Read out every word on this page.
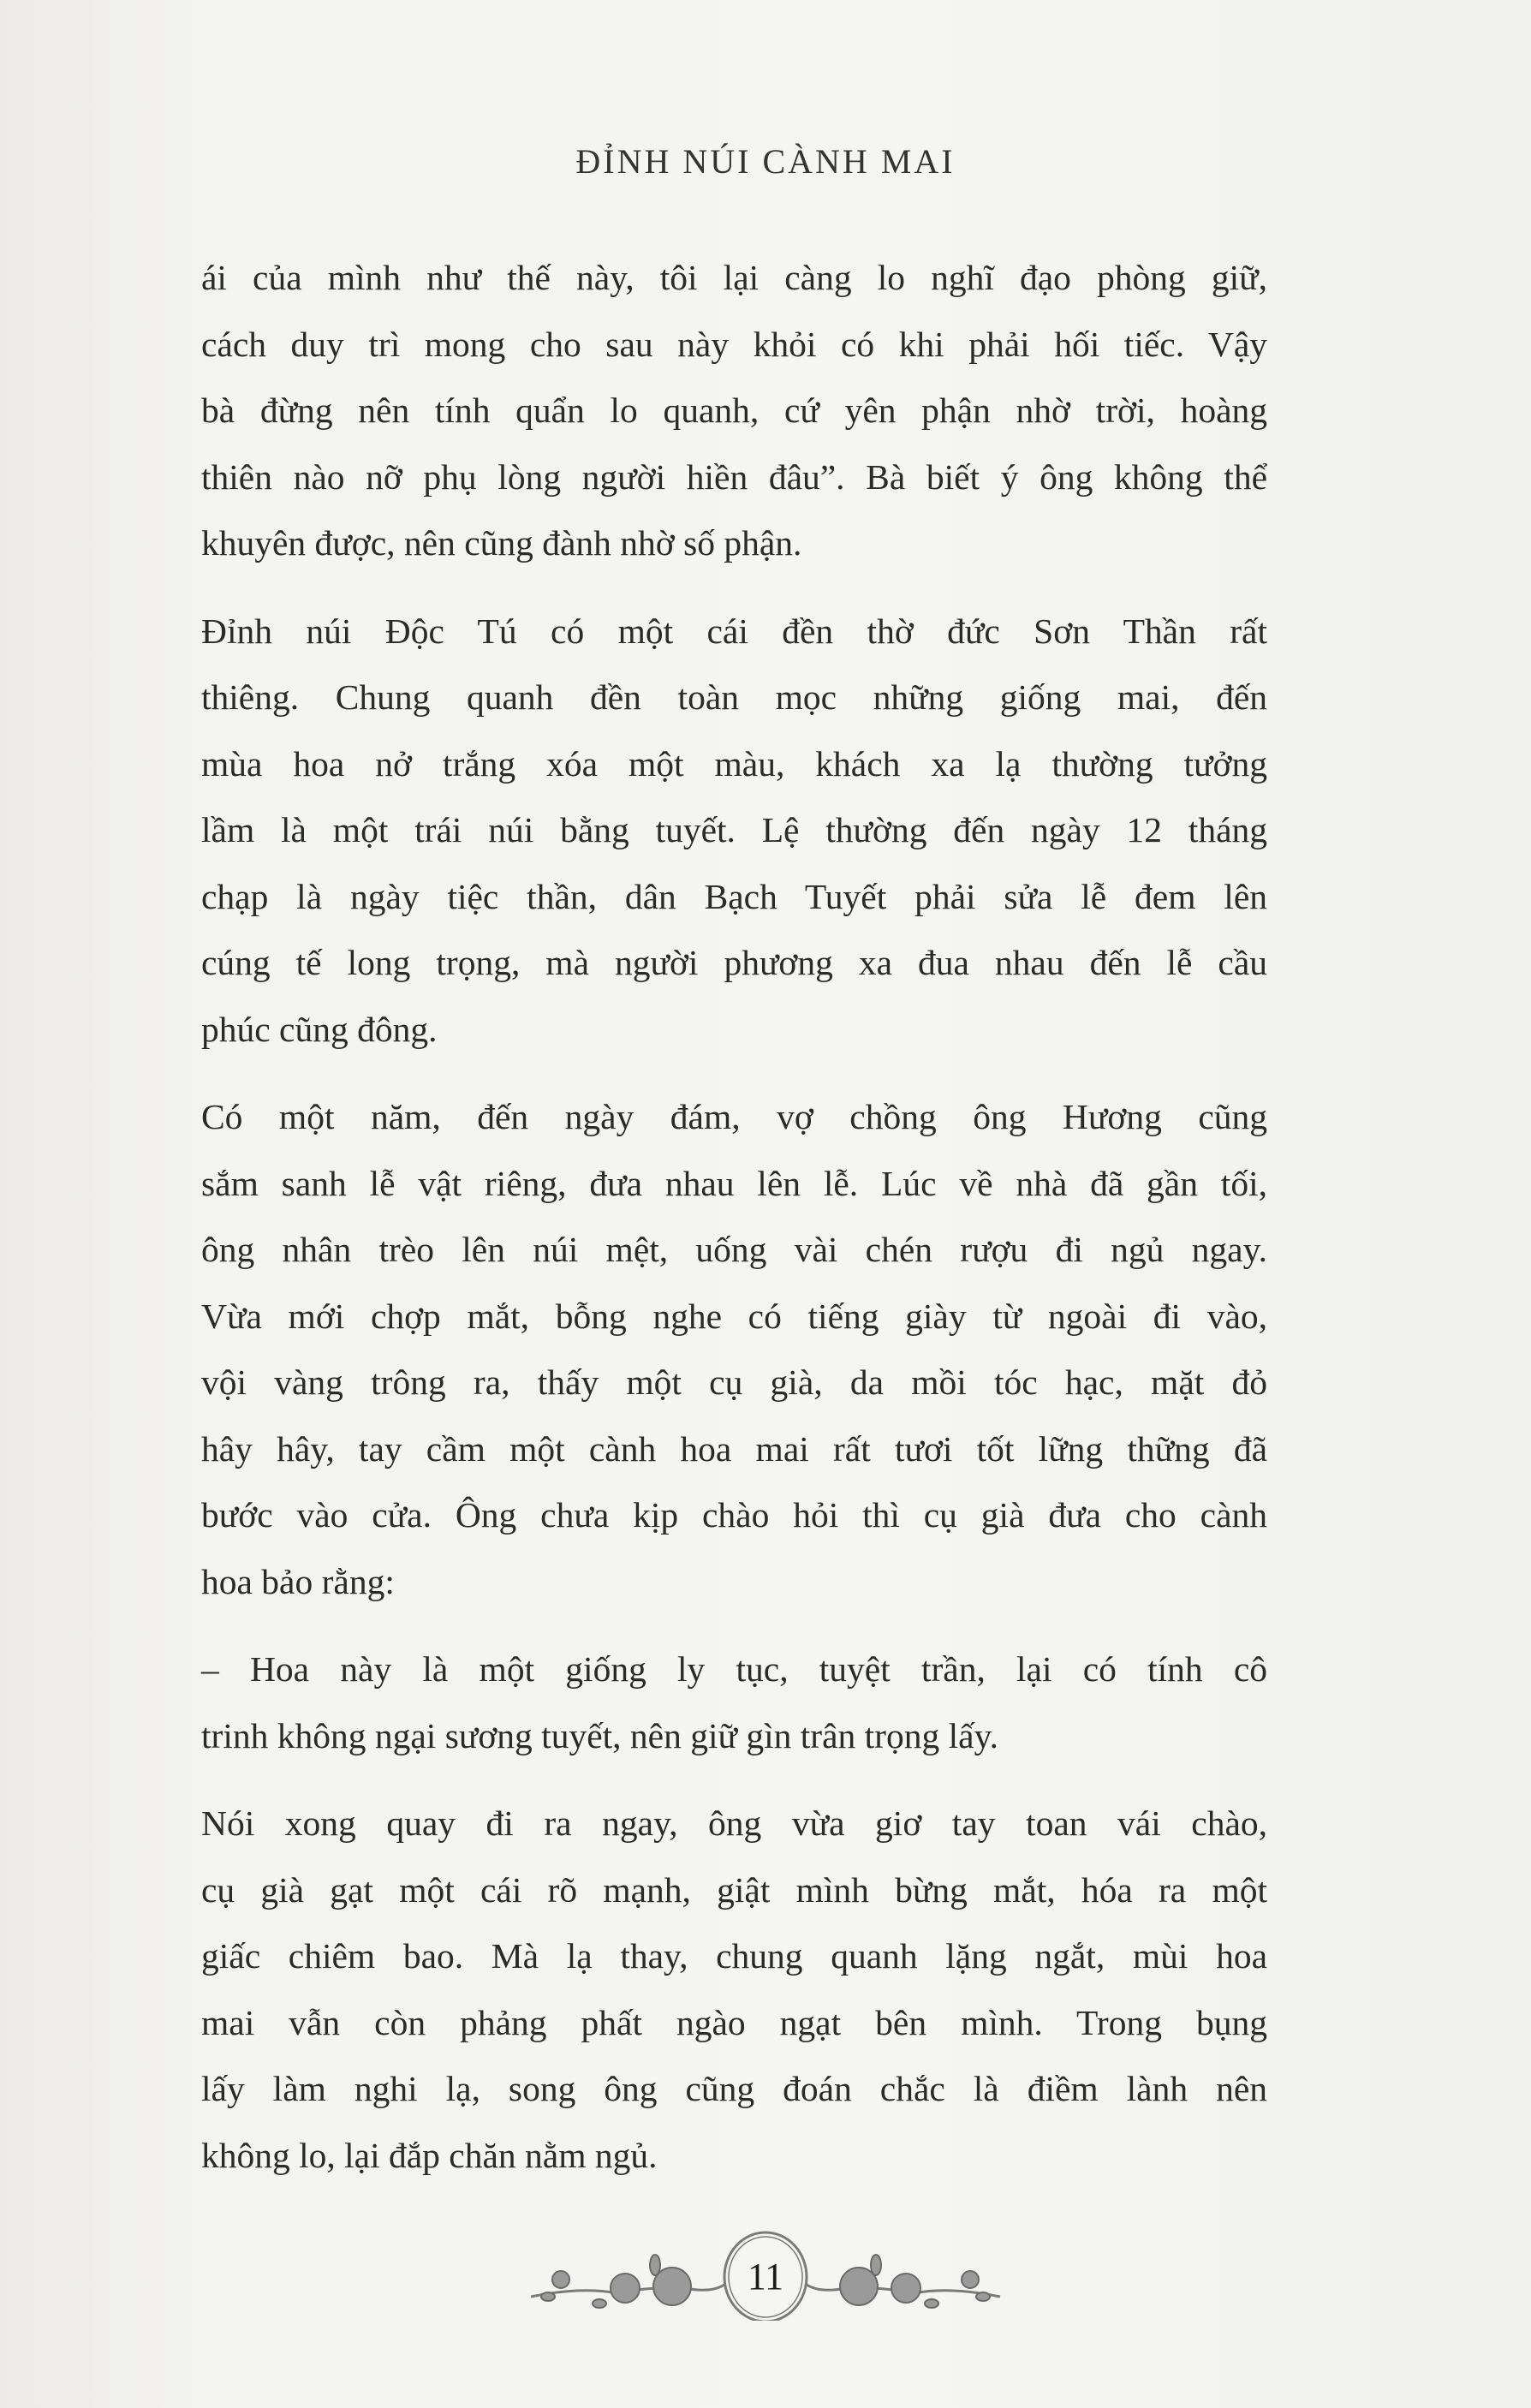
ĐỈNH NÚI CÀNH MAI
ái của mình như thế này, tôi lại càng lo nghĩ đạo phòng giữ,
cách duy trì mong cho sau này khỏi có khi phải hối tiếc. Vậy
bà đừng nên tính quẩn lo quanh, cứ yên phận nhờ trời, hoàng
thiên nào nỡ phụ lòng người hiền đâu”. Bà biết ý ông không thể
khuyên được, nên cũng đành nhờ số phận.
Đỉnh núi Độc Tú có một cái đền thờ đức Sơn Thần rất
thiêng. Chung quanh đền toàn mọc những giống mai, đến
mùa hoa nở trắng xóa một màu, khách xa lạ thường tưởng
lầm là một trái núi bằng tuyết. Lệ thường đến ngày 12 tháng
chạp là ngày tiệc thần, dân Bạch Tuyết phải sửa lễ đem lên
cúng tế long trọng, mà người phương xa đua nhau đến lễ cầu
phúc cũng đông.
Có một năm, đến ngày đám, vợ chồng ông Hương cũng
sắm sanh lễ vật riêng, đưa nhau lên lễ. Lúc về nhà đã gần tối,
ông nhân trèo lên núi mệt, uống vài chén rượu đi ngủ ngay.
Vừa mới chợp mắt, bỗng nghe có tiếng giày từ ngoài đi vào,
vội vàng trông ra, thấy một cụ già, da mồi tóc hạc, mặt đỏ
hây hây, tay cầm một cành hoa mai rất tươi tốt lững thững đã
bước vào cửa. Ông chưa kịp chào hỏi thì cụ già đưa cho cành
hoa bảo rằng:
– Hoa này là một giống ly tục, tuyệt trần, lại có tính cô
trinh không ngại sương tuyết, nên giữ gìn trân trọng lấy.
Nói xong quay đi ra ngay, ông vừa giơ tay toan vái chào,
cụ già gạt một cái rõ mạnh, giật mình bừng mắt, hóa ra một
giấc chiêm bao. Mà lạ thay, chung quanh lặng ngắt, mùi hoa
mai vẫn còn phảng phất ngào ngạt bên mình. Trong bụng
lấy làm nghi lạ, song ông cũng đoán chắc là điềm lành nên
không lo, lại đắp chăn nằm ngủ.
11
